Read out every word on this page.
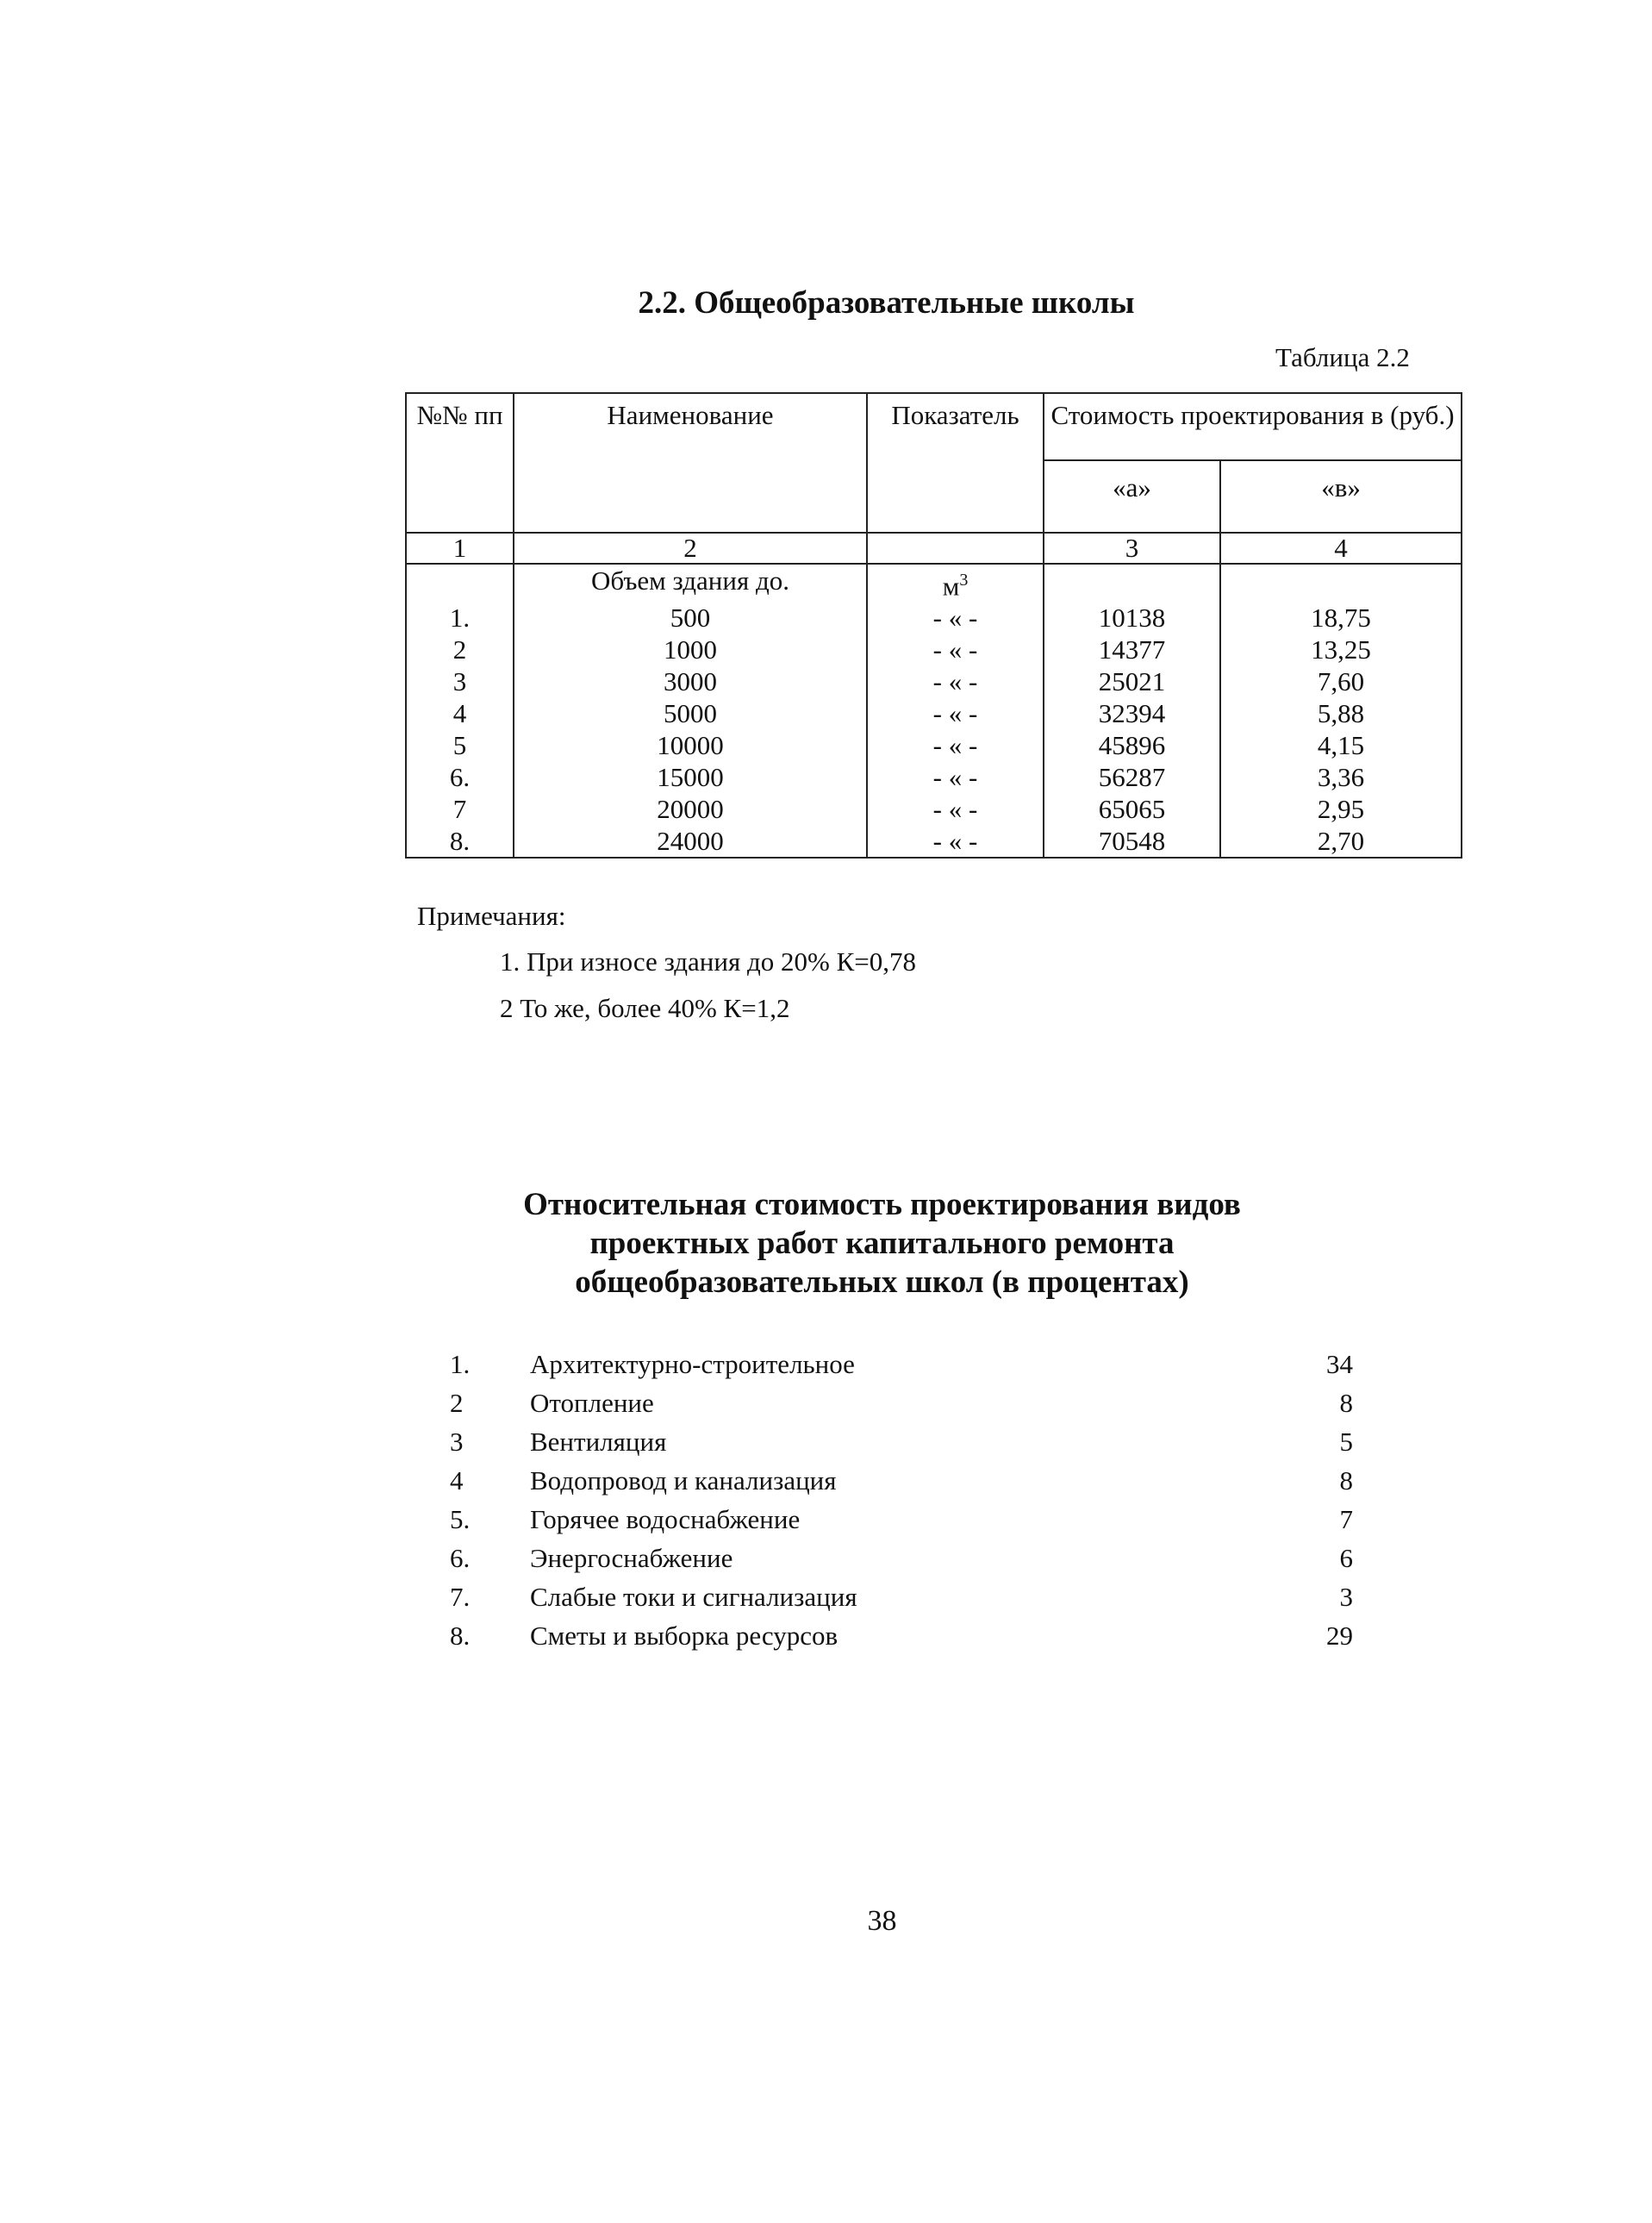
2.2. Общеобразовательные школы
Таблица 2.2
№№ пп	Наименование	Показатель	Стоимость проектирования в (руб.)	
			«а»	«в»
1	2		3	4
	Объем здания до.	$м^3$		
1.	500	- « -	10138	18,75
2	1000	- « -	14377	13,25
3	3000	- « -	25021	7,60
4	5000	- « -	32394	5,88
5	10000	- « -	45896	4,15
6.	15000	- « -	56287	3,36
7	20000	- « -	65065	2,95
8.	24000	- « -	70548	2,70
Примечания:
1. При износе здания до 20% К=0,78
2 То же, более 40% К=1,2
Относительная стоимость проектирования видов
проектных работ капитального ремонта
общеобразовательных школ (в процентах)
1. Архитектурно-строительное	34
2	Отопление	8
3	Вентиляция	5
4	Водопровод и канализация	8
5. Горячее водоснабжение	7
6. Энергоснабжение	6
7. Слабые токи и сигнализация	3
8. Сметы и выборка ресурсов	29
38
